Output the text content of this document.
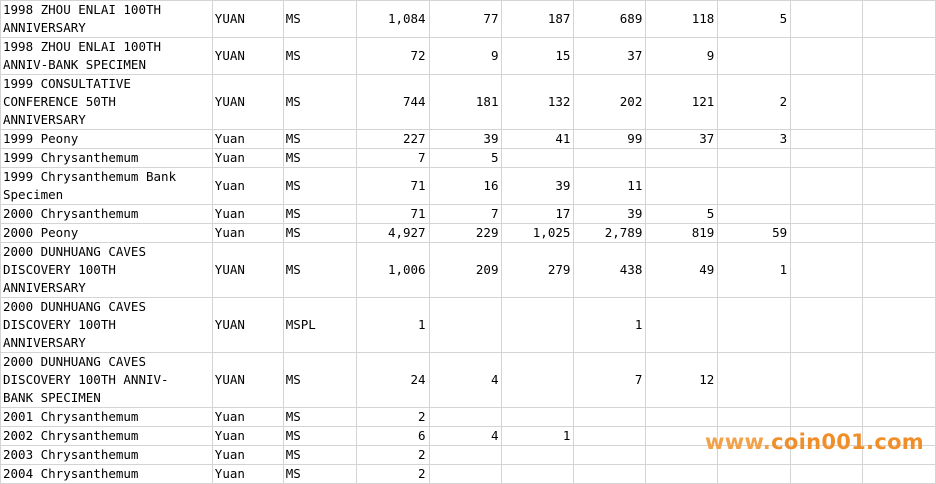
1998 ZHOU ENLAI 100TH
ANNIVERSARY	YUAN	MS	1,084	77	187	689	118	5		
1998 ZHOU ENLAI 100TH
ANNIV-BANK SPECIMEN	YUAN	MS	72	9	15	37	9			
1999 CONSULTATIVE
CONFERENCE 50TH
ANNIVERSARY	YUAN	MS	744	181	132	202	121	2		
1999 Peony	Yuan	MS	227	39	41	99	37	3		
1999 Chrysanthemum	Yuan	MS	7	5						
1999 Chrysanthemum Bank
Specimen	Yuan	MS	71	16	39	11				
2000 Chrysanthemum	Yuan	MS	71	7	17	39	5			
2000 Peony	Yuan	MS	4,927	229	1,025	2,789	819	59		
2000 DUNHUANG CAVES
DISCOVERY 100TH
ANNIVERSARY	YUAN	MS	1,006	209	279	438	49	1		
2000 DUNHUANG CAVES
DISCOVERY 100TH
ANNIVERSARY	YUAN	MSPL	1			1				
2000 DUNHUANG CAVES
DISCOVERY 100TH ANNIV-
BANK SPECIMEN	YUAN	MS	24	4		7	12			
2001 Chrysanthemum	Yuan	MS	2							
2002 Chrysanthemum	Yuan	MS	6	4	1					
2003 Chrysanthemum	Yuan	MS	2							
2004 Chrysanthemum	Yuan	MS	2							
www.coin001.com
